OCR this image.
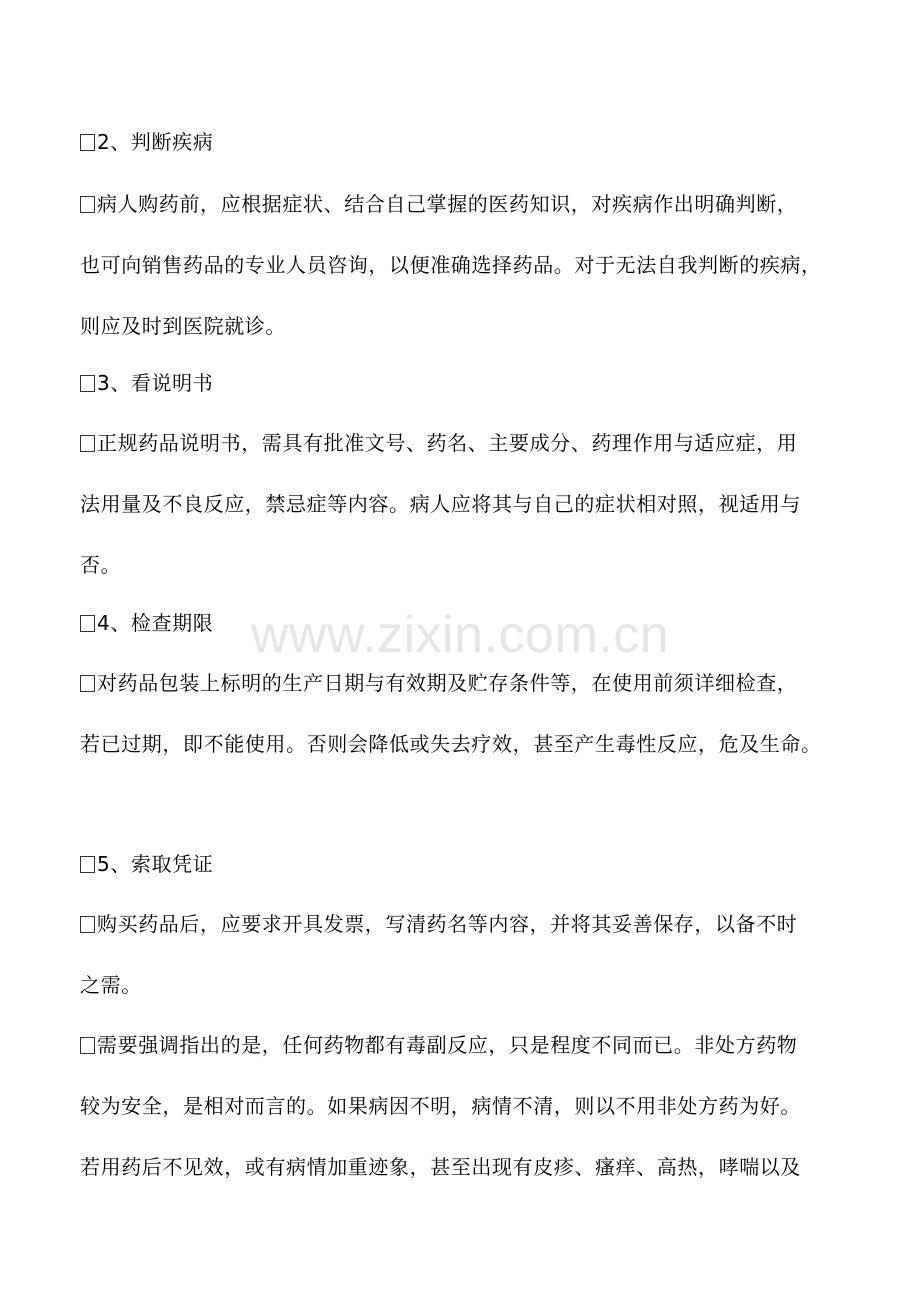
www.zixin.com.cn
2、判断疾病
病人购药前，应根据症状、结合自己掌握的医药知识，对疾病作出明确判断，
也可向销售药品的专业人员咨询，以便准确选择药品。对于无法自我判断的疾病，
则应及时到医院就诊。
3、看说明书
正规药品说明书，需具有批准文号、药名、主要成分、药理作用与适应症，用
法用量及不良反应，禁忌症等内容。病人应将其与自己的症状相对照，视适用与
否。
4、检查期限
对药品包装上标明的生产日期与有效期及贮存条件等，在使用前须详细检查，
若已过期，即不能使用。否则会降低或失去疗效，甚至产生毒性反应，危及生命。
5、索取凭证
购买药品后，应要求开具发票，写清药名等内容，并将其妥善保存，以备不时
之需。
需要强调指出的是，任何药物都有毒副反应，只是程度不同而已。非处方药物
较为安全，是相对而言的。如果病因不明，病情不清，则以不用非处方药为好。
若用药后不见效，或有病情加重迹象，甚至出现有皮疹、瘙痒、高热，哮喘以及
